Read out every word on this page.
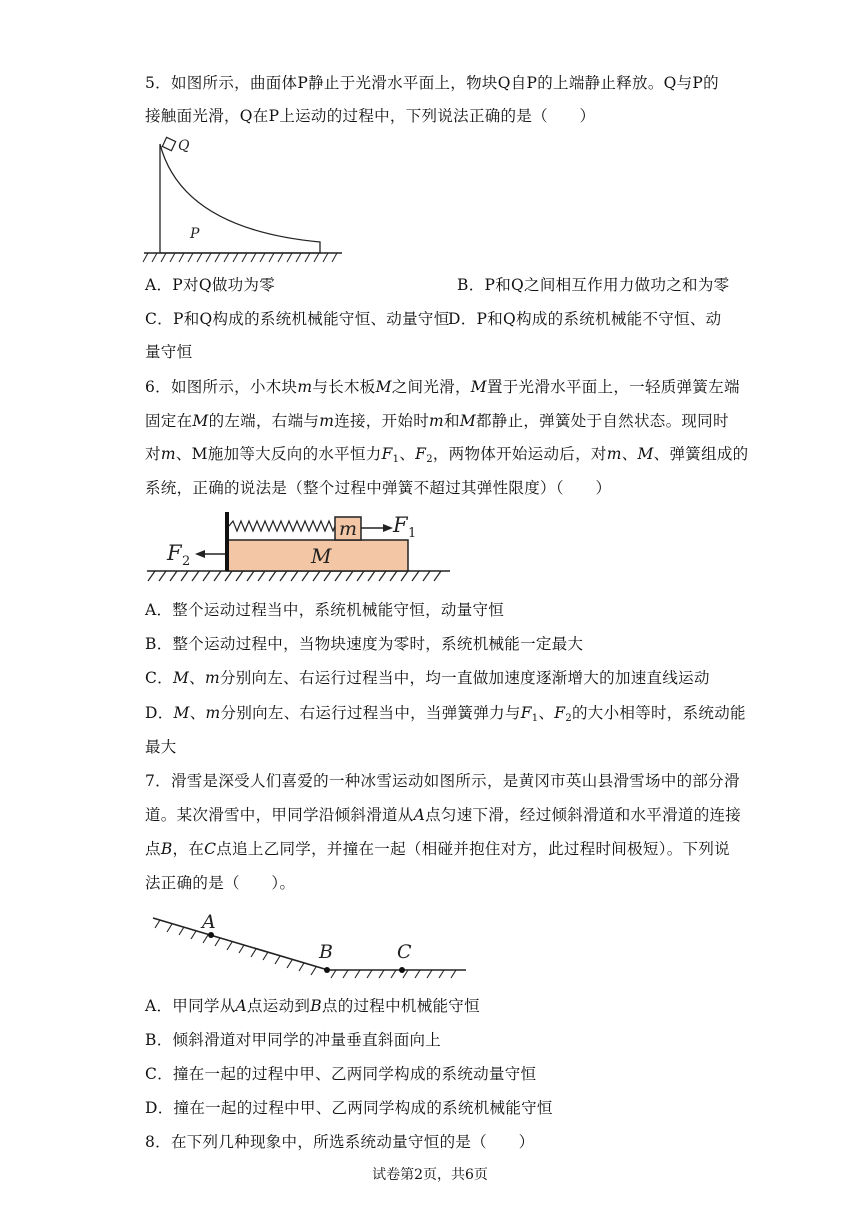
5．如图所示，曲面体P静止于光滑水平面上，物块Q自P的上端静止释放。Q与P的
接触面光滑，Q在P上运动的过程中，下列说法正确的是（　　）
Q
P
A．P对Q做功为零	B．P和Q之间相互作用力做功之和为零
C．P和Q构成的系统机械能守恒、动量守恒
D．P和Q构成的系统机械能不守恒、动
量守恒
6．如图所示，小木块m与长木板M之间光滑，M置于光滑水平面上，一轻质弹簧左端
固定在M的左端，右端与m连接，开始时m和M都静止，弹簧处于自然状态。现同时
对m、M施加等大反向的水平恒力$F_1$、$F_2$，两物体开始运动后，对m、M、弹簧组成的
系统，正确的说法是（整个过程中弹簧不超过其弹性限度）（　　）
m
M
F 1
F 2
A．整个运动过程当中，系统机械能守恒，动量守恒
B．整个运动过程中，当物块速度为零时，系统机械能一定最大
C．M、m分别向左、右运行过程当中，均一直做加速度逐渐增大的加速直线运动
D．M、m分别向左、右运行过程当中，当弹簧弹力与$F_1$、$F_2$的大小相等时，系统动能
最大
7．滑雪是深受人们喜爱的一种冰雪运动如图所示，是黄冈市英山县滑雪场中的部分滑
道。某次滑雪中，甲同学沿倾斜滑道从A点匀速下滑，经过倾斜滑道和水平滑道的连接
点B，在C点追上乙同学，并撞在一起（相碰并抱住对方，此过程时间极短）。下列说
法正确的是（　　）。
A
B	C
A．甲同学从A点运动到B点的过程中机械能守恒
B．倾斜滑道对甲同学的冲量垂直斜面向上
C．撞在一起的过程中甲、乙两同学构成的系统动量守恒
D．撞在一起的过程中甲、乙两同学构成的系统机械能守恒
8．在下列几种现象中，所选系统动量守恒的是（　　）
试卷第2页，共6页
